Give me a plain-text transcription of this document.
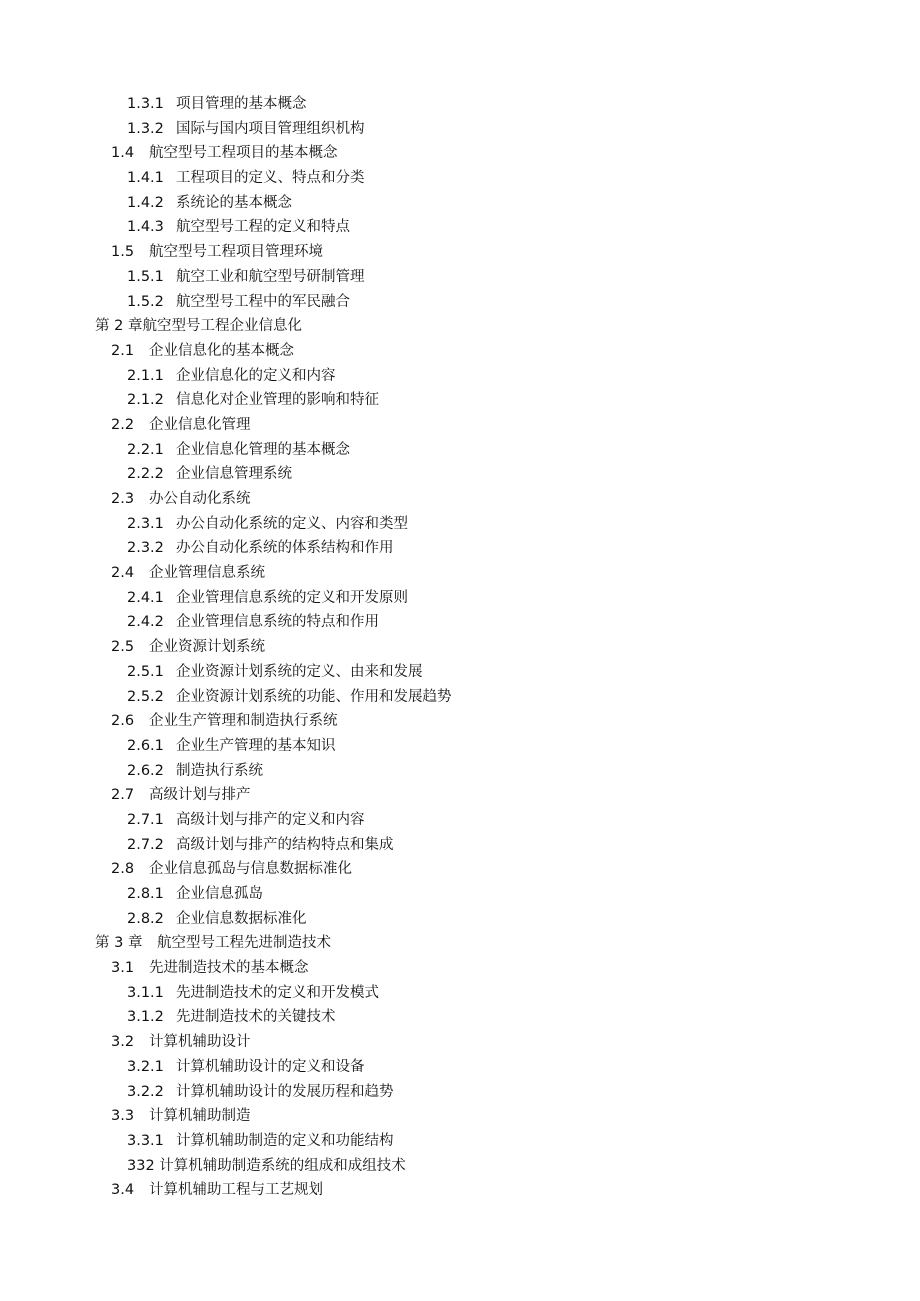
1.3.1 项目管理的基本概念
1.3.2 国际与国内项目管理组织机构
1.4 航空型号工程项目的基本概念
1.4.1 工程项目的定义、特点和分类
1.4.2 系统论的基本概念
1.4.3 航空型号工程的定义和特点
1.5 航空型号工程项目管理环境
1.5.1 航空工业和航空型号研制管理
1.5.2 航空型号工程中的军民融合
第 2 章航空型号工程企业信息化
2.1 企业信息化的基本概念
2.1.1 企业信息化的定义和内容
2.1.2 信息化对企业管理的影响和特征
2.2 企业信息化管理
2.2.1 企业信息化管理的基本概念
2.2.2 企业信息管理系统
2.3 办公自动化系统
2.3.1 办公自动化系统的定义、内容和类型
2.3.2 办公自动化系统的体系结构和作用
2.4 企业管理信息系统
2.4.1 企业管理信息系统的定义和开发原则
2.4.2 企业管理信息系统的特点和作用
2.5 企业资源计划系统
2.5.1 企业资源计划系统的定义、由来和发展
2.5.2 企业资源计划系统的功能、作用和发展趋势
2.6 企业生产管理和制造执行系统
2.6.1 企业生产管理的基本知识
2.6.2 制造执行系统
2.7 高级计划与排产
2.7.1 高级计划与排产的定义和内容
2.7.2 高级计划与排产的结构特点和集成
2.8 企业信息孤岛与信息数据标准化
2.8.1 企业信息孤岛
2.8.2 企业信息数据标准化
第 3 章　航空型号工程先进制造技术
3.1 先进制造技术的基本概念
3.1.1 先进制造技术的定义和开发模式
3.1.2 先进制造技术的关键技术
3.2 计算机辅助设计
3.2.1 计算机辅助设计的定义和设备
3.2.2 计算机辅助设计的发展历程和趋势
3.3 计算机辅助制造
3.3.1 计算机辅助制造的定义和功能结构
332 计算机辅助制造系统的组成和成组技术
3.4 计算机辅助工程与工艺规划
